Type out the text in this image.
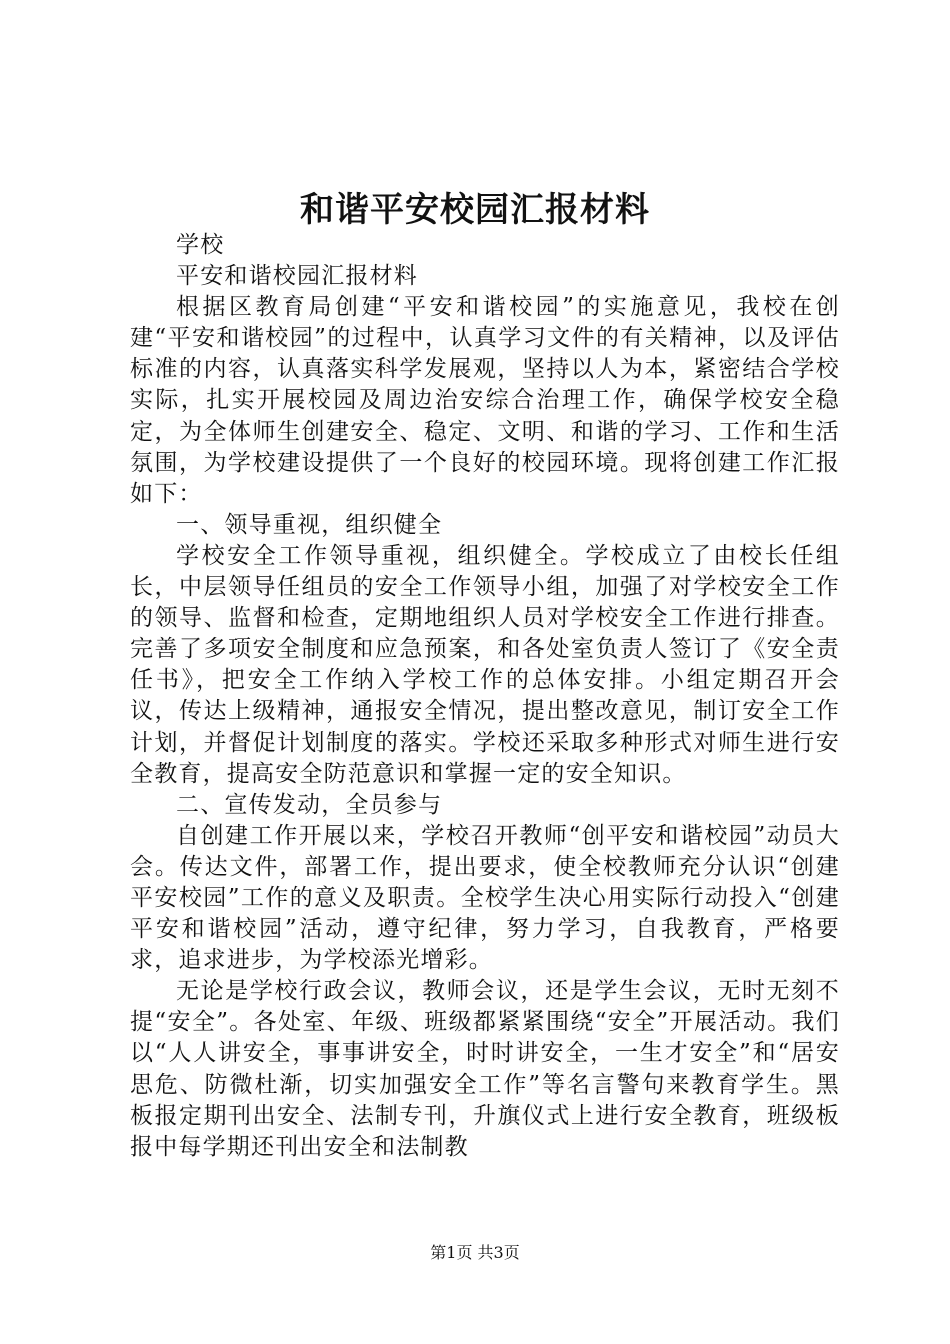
和谐平安校园汇报材料

学校

平安和谐校园汇报材料

根据区教育局创建“平安和谐校园”的实施意见，我校在创建“平安和谐校园”的过程中，认真学习文件的有关精神，以及评估标准的内容，认真落实科学发展观，坚持以人为本，紧密结合学校实际，扎实开展校园及周边治安综合治理工作，确保学校安全稳定，为全体师生创建安全、稳定、文明、和谐的学习、工作和生活氛围，为学校建设提供了一个良好的校园环境。现将创建工作汇报如下：

一、领导重视，组织健全

学校安全工作领导重视，组织健全。学校成立了由校长任组长，中层领导任组员的安全工作领导小组，加强了对学校安全工作的领导、监督和检查，定期地组织人员对学校安全工作进行排查。完善了多项安全制度和应急预案，和各处室负责人签订了《安全责任书》，把安全工作纳入学校工作的总体安排。小组定期召开会议，传达上级精神，通报安全情况，提出整改意见，制订安全工作计划，并督促计划制度的落实。学校还采取多种形式对师生进行安全教育，提高安全防范意识和掌握一定的安全知识。

二、宣传发动，全员参与

自创建工作开展以来，学校召开教师“创平安和谐校园”动员大会。传达文件，部署工作，提出要求，使全校教师充分认识“创建平安校园”工作的意义及职责。全校学生决心用实际行动投入“创建平安和谐校园”活动，遵守纪律，努力学习，自我教育，严格要求，追求进步，为学校添光增彩。

无论是学校行政会议，教师会议，还是学生会议，无时无刻不提“安全”。各处室、年级、班级都紧紧围绕“安全”开展活动。我们以“人人讲安全，事事讲安全，时时讲安全，一生才安全”和“居安思危、防微杜渐，切实加强安全工作”等名言警句来教育学生。黑板报定期刊出安全、法制专刊，升旗仪式上进行安全教育，班级板报中每学期还刊出安全和法制教

第1页 共3页
